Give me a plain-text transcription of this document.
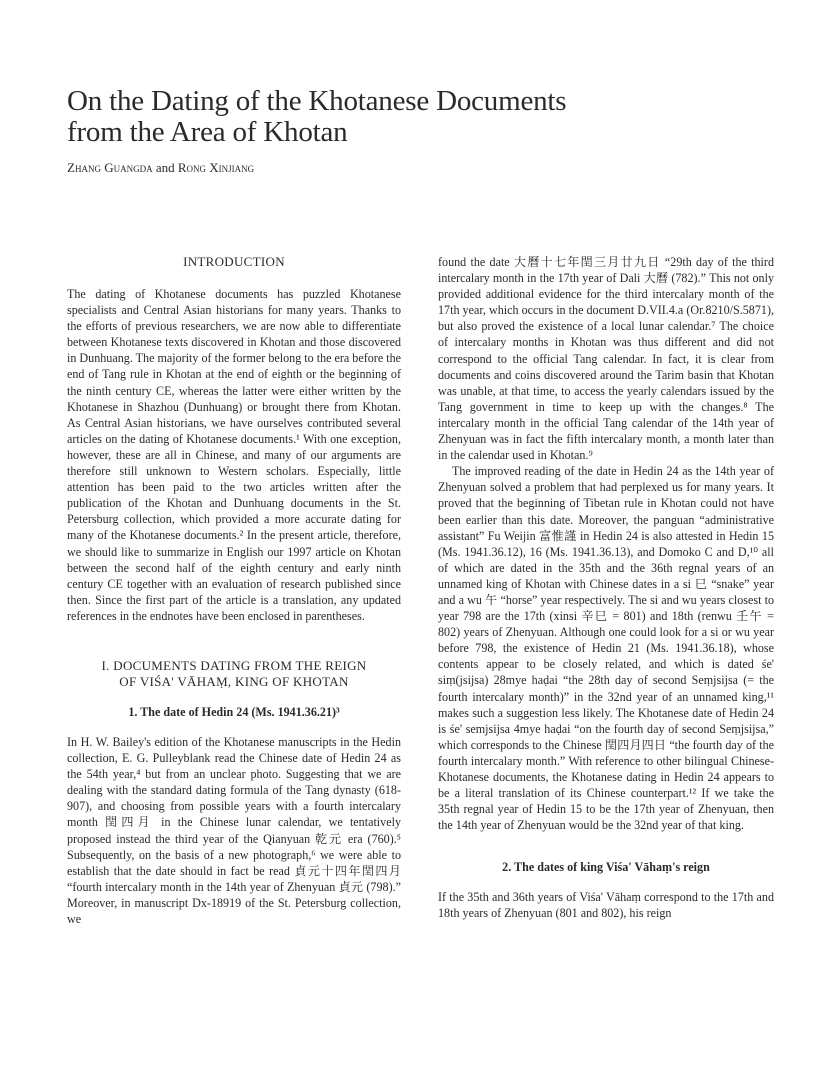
On the Dating of the Khotanese Documents
from the Area of Khotan
Zhang Guangda and Rong Xinjiang
INTRODUCTION

The dating of Khotanese documents has puzzled Khotanese specialists and Central Asian historians for many years. Thanks to the efforts of previous researchers, we are now able to differentiate between Khotanese texts discovered in Khotan and those discovered in Dunhuang. The majority of the former belong to the era before the end of Tang rule in Khotan at the end of eighth or the beginning of the ninth century CE, whereas the latter were either written by the Khotanese in Shazhou (Dunhuang) or brought there from Khotan. As Central Asian historians, we have ourselves contributed several articles on the dating of Khotanese documents.¹ With one exception, however, these are all in Chinese, and many of our arguments are therefore still unknown to Western scholars. Especially, little attention has been paid to the two articles written after the publication of the Khotan and Dunhuang documents in the St. Petersburg collection, which provided a more accurate dating for many of the Khotanese documents.² In the present article, therefore, we should like to summarize in English our 1997 article on Khotan between the second half of the eighth century and early ninth century CE together with an evaluation of research published since then. Since the first part of the article is a translation, any updated references in the endnotes have been enclosed in parentheses.

I. DOCUMENTS DATING FROM THE REIGN
OF VIŚA' VĀHAṂ, KING OF KHOTAN
1. The date of Hedin 24 (Ms. 1941.36.21)³

In H. W. Bailey's edition of the Khotanese manuscripts in the Hedin collection, E. G. Pulleyblank read the Chinese date of Hedin 24 as the 54th year,⁴ but from an unclear photo. Suggesting that we are dealing with the standard dating formula of the Tang dynasty (618-907), and choosing from possible years with a fourth intercalary month 閏四月 in the Chinese lunar calendar, we tentatively proposed instead the third year of the Qianyuan 乾元 era (760).⁵ Subsequently, on the basis of a new photograph,⁶ we were able to establish that the date should in fact be read 貞元十四年閏四月 “fourth intercalary month in the 14th year of Zhenyuan 貞元 (798).” Moreover, in manuscript Dx-18919 of the St. Petersburg collection, we

found the date 大曆十七年閏三月廿九日 “29th day of the third intercalary month in the 17th year of Dali 大曆 (782).” This not only provided additional evidence for the third intercalary month of the 17th year, which occurs in the document D.VII.4.a (Or.8210/S.5871), but also proved the existence of a local lunar calendar.⁷ The choice of intercalary months in Khotan was thus different and did not correspond to the official Tang calendar. In fact, it is clear from documents and coins discovered around the Tarim basin that Khotan was unable, at that time, to access the yearly calendars issued by the Tang government in time to keep up with the changes.⁸ The intercalary month in the official Tang calendar of the 14th year of Zhenyuan was in fact the fifth intercalary month, a month later than in the calendar used in Khotan.⁹

The improved reading of the date in Hedin 24 as the 14th year of Zhenyuan solved a problem that had perplexed us for many years. It proved that the beginning of Tibetan rule in Khotan could not have been earlier than this date. Moreover, the panguan “administrative assistant” Fu Weijin 富惟謹 in Hedin 24 is also attested in Hedin 15 (Ms. 1941.36.12), 16 (Ms. 1941.36.13), and Domoko C and D,¹⁰ all of which are dated in the 35th and the 36th regnal years of an unnamed king of Khotan with Chinese dates in a si 巳 “snake” year and a wu 午 “horse” year respectively. The si and wu years closest to year 798 are the 17th (xinsi 辛巳 = 801) and 18th (renwu 壬午 = 802) years of Zhenyuan. Although one could look for a si or wu year before 798, the existence of Hedin 21 (Ms. 1941.36.18), whose contents appear to be closely related, and which is dated śe' siṃ(jsijsa) 28mye haḍai “the 28th day of second Seṃjsijsa (= the fourth intercalary month)” in the 32nd year of an unnamed king,¹¹ makes such a suggestion less likely. The Khotanese date of Hedin 24 is śe' semjsijsa 4mye haḍai “on the fourth day of second Seṃjsijsa,” which corresponds to the Chinese 閏四月四日 “the fourth day of the fourth intercalary month.” With reference to other bilingual Chinese-Khotanese documents, the Khotanese dating in Hedin 24 appears to be a literal translation of its Chinese counterpart.¹² If we take the 35th regnal year of Hedin 15 to be the 17th year of Zhenyuan, then the 14th year of Zhenyuan would be the 32nd year of that king.

2. The dates of king Viśa' Vāhaṃ's reign

If the 35th and 36th years of Viśa' Vāhaṃ correspond to the 17th and 18th years of Zhenyuan (801 and 802), his reign
